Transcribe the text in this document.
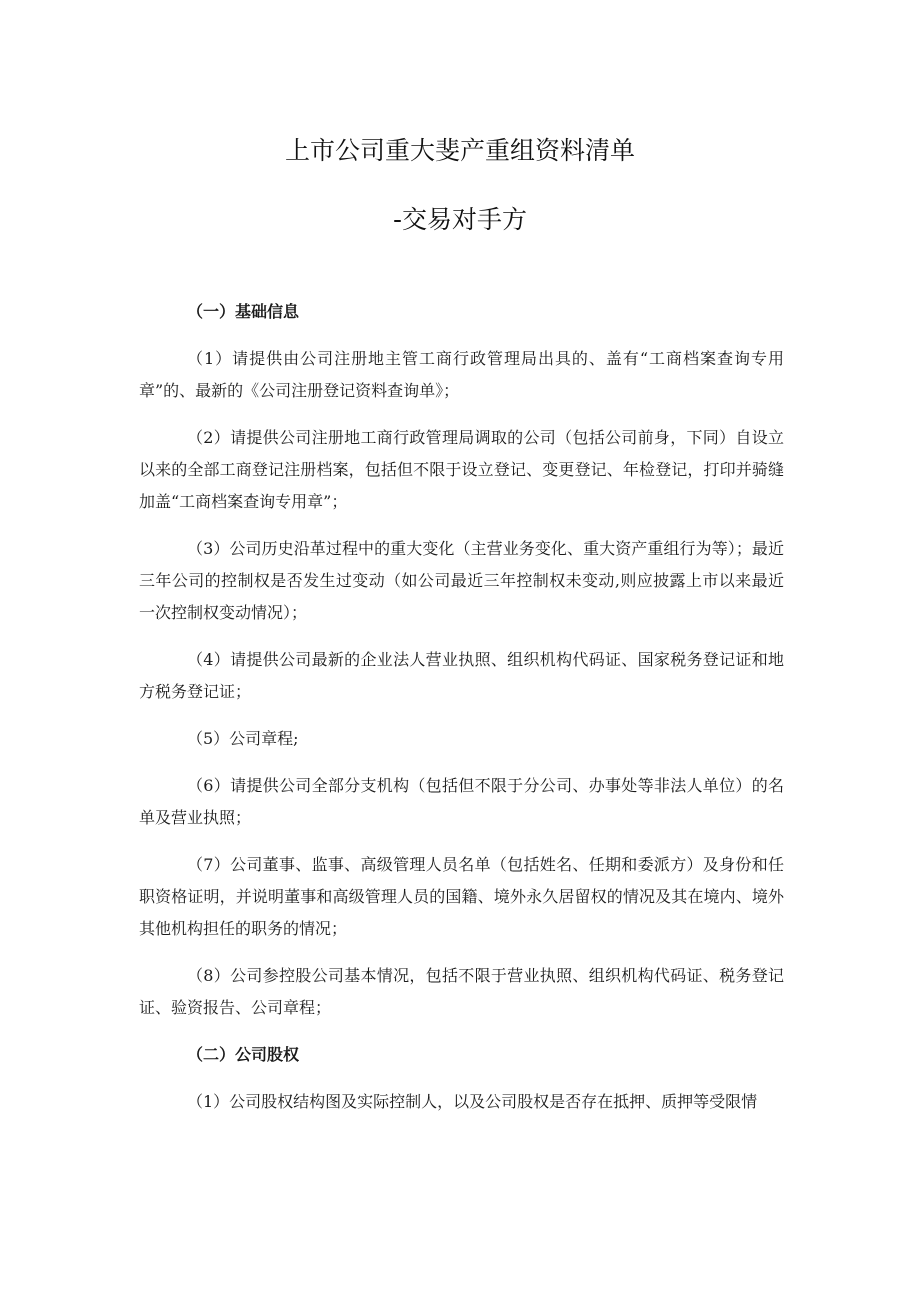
上市公司重大斐产重组资料清单
-交易对手方
（一）基础信息

（1）请提供由公司注册地主管工商行政管理局出具的、盖有“工商档案查询专用章”的、最新的《公司注册登记资料查询单》；

（2）请提供公司注册地工商行政管理局调取的公司（包括公司前身，下同）自设立以来的全部工商登记注册档案，包括但不限于设立登记、变更登记、年检登记，打印并骑缝加盖“工商档案查询专用章”；

（3）公司历史沿革过程中的重大变化（主营业务变化、重大资产重组行为等）；最近三年公司的控制权是否发生过变动（如公司最近三年控制权未变动,则应披露上市以来最近一次控制权变动情况）；

（4）请提供公司最新的企业法人营业执照、组织机构代码证、国家税务登记证和地方税务登记证；

（5）公司章程;

（6）请提供公司全部分支机构（包括但不限于分公司、办事处等非法人单位）的名单及营业执照；

（7）公司董事、监事、高级管理人员名单（包括姓名、任期和委派方）及身份和任职资格证明，并说明董事和高级管理人员的国籍、境外永久居留权的情况及其在境内、境外其他机构担任的职务的情况；

（8）公司参控股公司基本情况，包括不限于营业执照、组织机构代码证、税务登记证、验资报告、公司章程；

（二）公司股权

（1）公司股权结构图及实际控制人，以及公司股权是否存在抵押、质押等受限情
